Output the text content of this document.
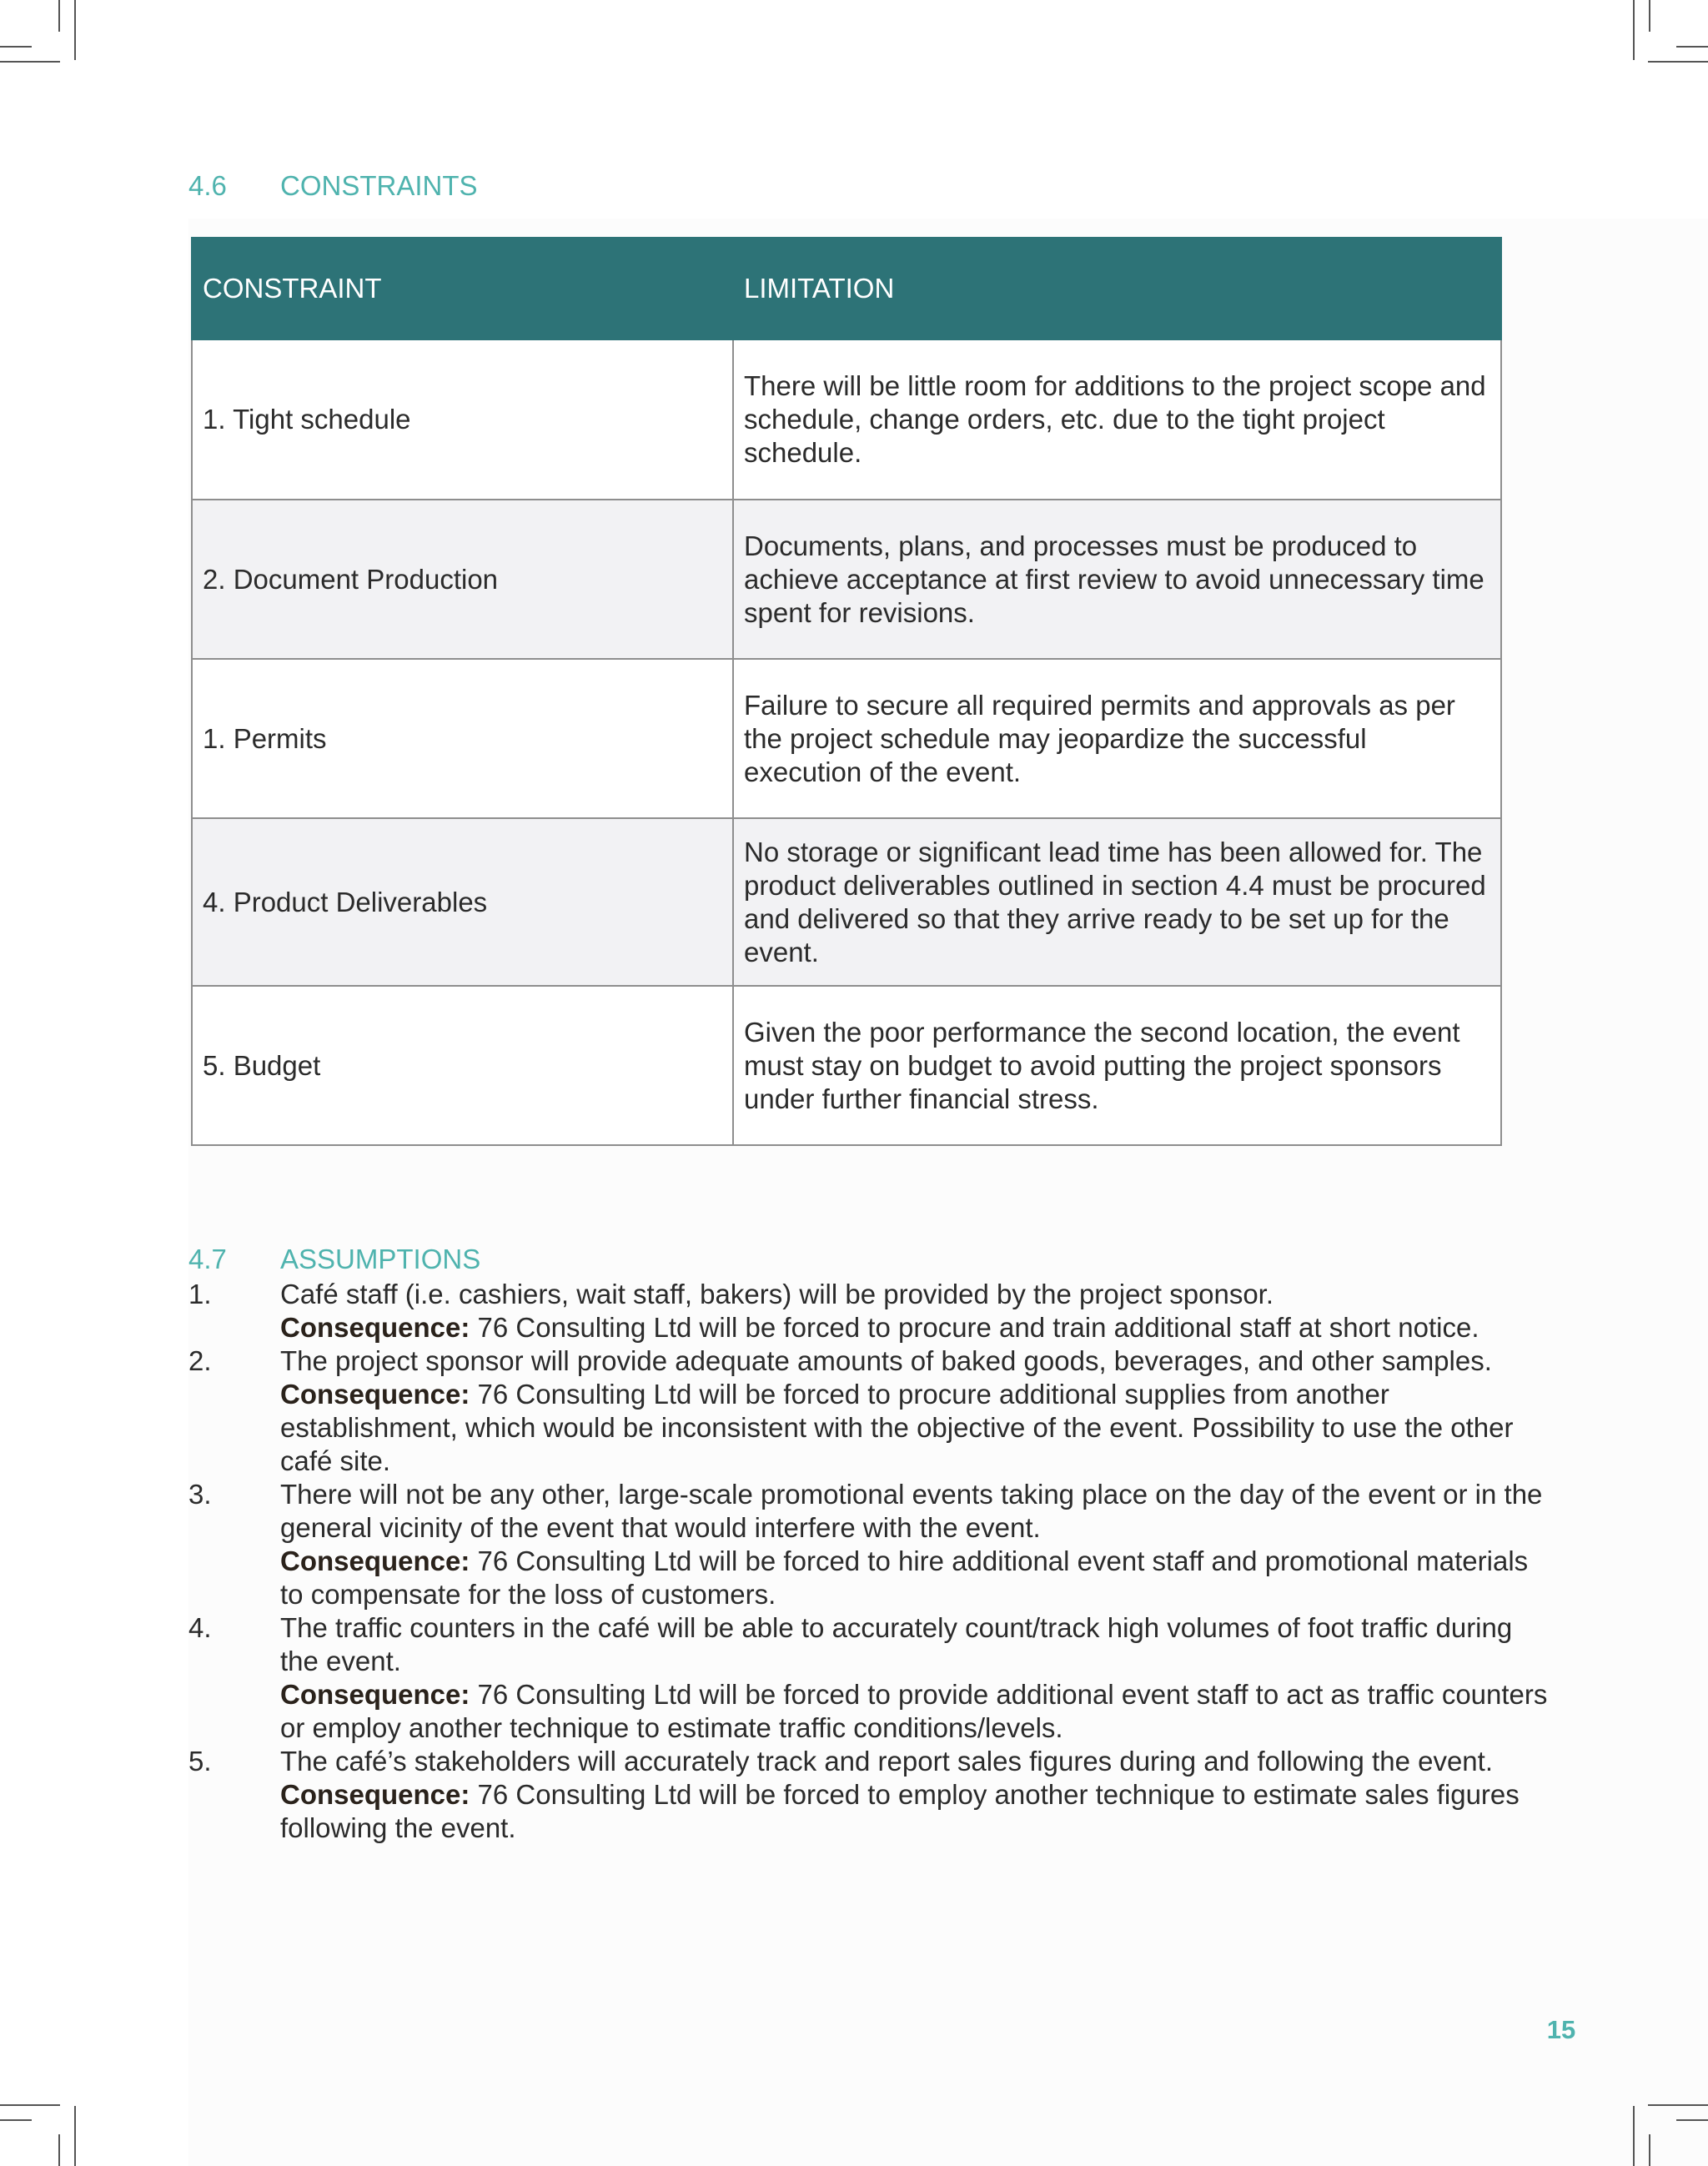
4.6	CONSTRAINTS
CONSTRAINT	LIMITATION
1. Tight schedule	There will be little room for additions to the project scope and schedule, change orders, etc. due to the tight project schedule.
2. Document Production	Documents, plans, and processes must be produced to achieve acceptance at first review to avoid unnecessary time spent for revisions.
1. Permits	Failure to secure all required permits and approvals as per the project schedule may jeopardize the successful execution of the event.
4. Product Deliverables	No storage or significant lead time has been allowed for. The product deliverables outlined in section 4.4 must be procured and delivered so that they arrive ready to be set up for the event.
5. Budget	Given the poor performance the second location, the event must stay on budget to avoid putting the project sponsors under further financial stress.
4.7	ASSUMPTIONS
1.	Café staff (i.e. cashiers, wait staff, bakers) will be provided by the project sponsor.
Consequence: 76 Consulting Ltd will be forced to procure and train additional staff at short notice.
2.	The project sponsor will provide adequate amounts of baked goods, beverages, and other samples.
Consequence: 76 Consulting Ltd will be forced to procure additional supplies from another establishment, which would be inconsistent with the objective of the event. Possibility to use the other café site.
3.	There will not be any other, large-scale promotional events taking place on the day of the event or in the general vicinity of the event that would interfere with the event.
Consequence: 76 Consulting Ltd will be forced to hire additional event staff and promotional materials to compensate for the loss of customers.
4.	The traffic counters in the café will be able to accurately count/track high volumes of foot traffic during the event.
Consequence: 76 Consulting Ltd will be forced to provide additional event staff to act as traffic counters or employ another technique to estimate traffic conditions/levels.
5.	The café’s stakeholders will accurately track and report sales figures during and following the event.
Consequence: 76 Consulting Ltd will be forced to employ another technique to estimate sales figures following the event.
15
